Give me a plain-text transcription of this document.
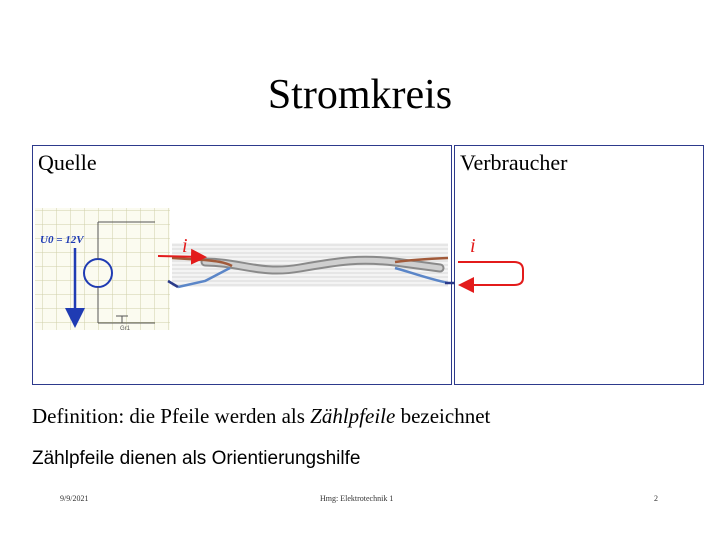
Stromkreis
Quelle	Verbraucher
U0 = 12V
Gr1
i	i
Definition: die Pfeile werden als Zählpfeile bezeichnet
Zählpfeile dienen als Orientierungshilfe
9/9/2021	Hmg: Elektrotechnik 1	2
